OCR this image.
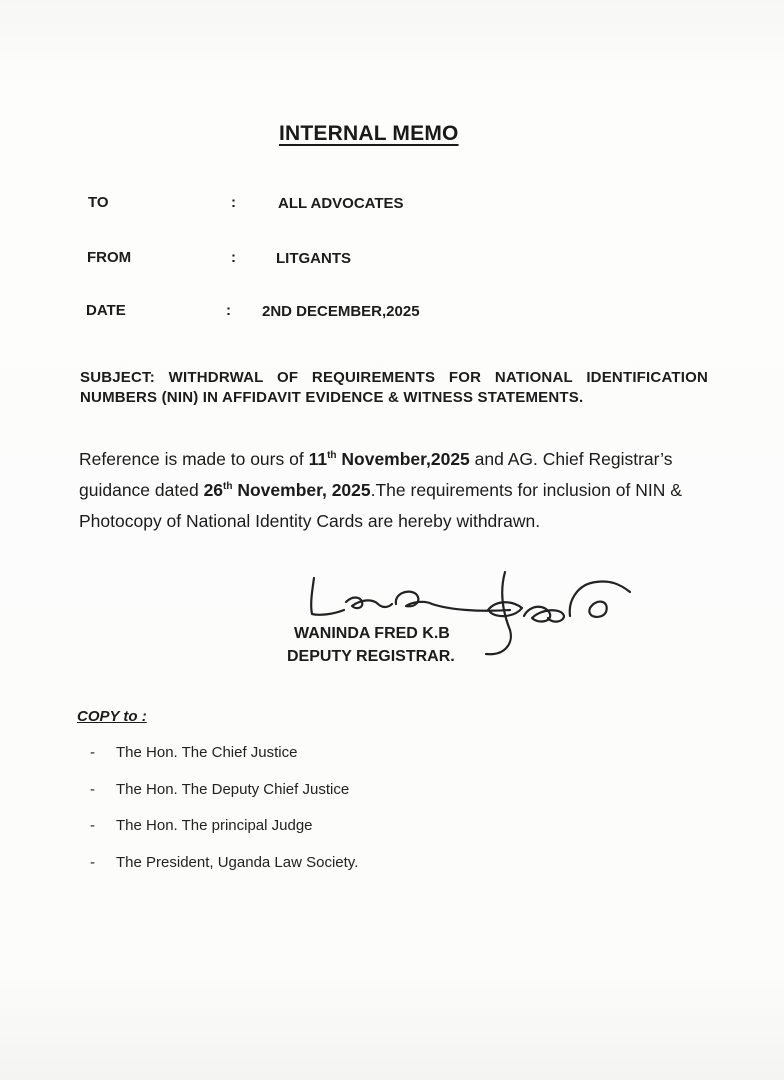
INTERNAL MEMO
TO	:	ALL ADVOCATES
FROM	:	LITGANTS
DATE	: 2ND DECEMBER,2025
SUBJECT: WITHDRWAL OF REQUIREMENTS FOR NATIONAL IDENTIFICATION NUMBERS (NIN) IN AFFIDAVIT EVIDENCE & WITNESS STATEMENTS.
Reference is made to ours of 11th November,2025 and AG. Chief Registrar’s guidance dated 26th November, 2025.The requirements for inclusion of NIN & Photocopy of National Identity Cards are hereby withdrawn.
WANINDA FRED K.B
DEPUTY REGISTRAR.
COPY to :
- The Hon. The Chief Justice
- The Hon. The Deputy Chief Justice
- The Hon. The principal Judge
- The President, Uganda Law Society.
